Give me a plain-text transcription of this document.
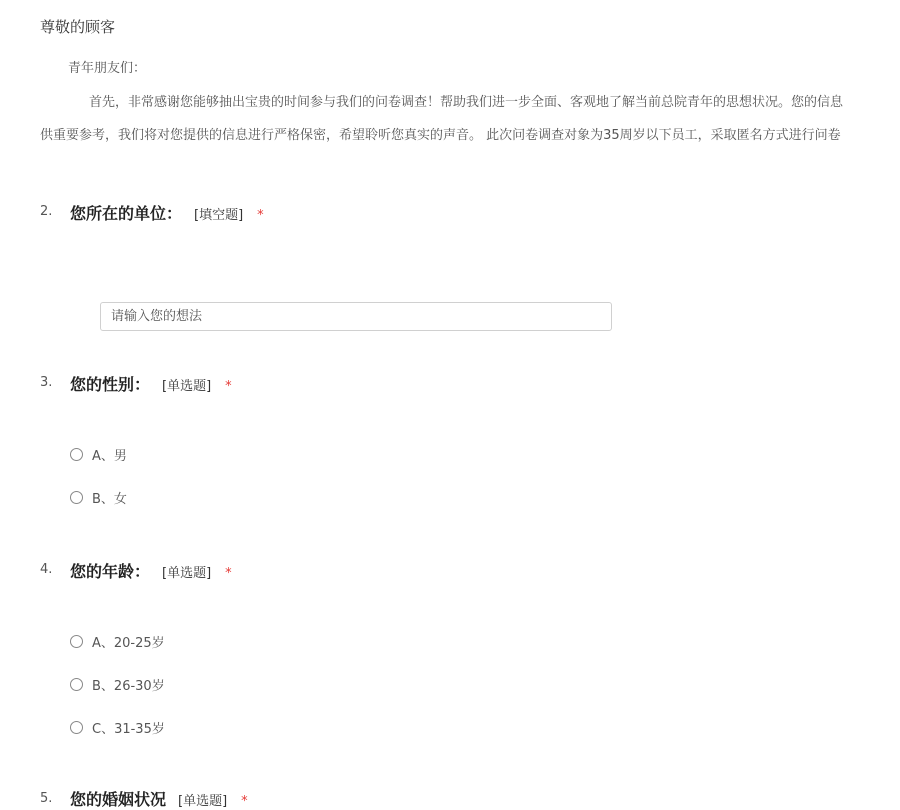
尊敬的顾客
青年朋友们：
首先，非常感谢您能够抽出宝贵的时间参与我们的问卷调查！帮助我们进一步全面、客观地了解当前总院青年的思想状况。您的信息
供重要参考，我们将对您提供的信息进行严格保密，希望聆听您真实的声音。 此次问卷调查对象为35周岁以下员工，采取匿名方式进行问卷
2. 您所在的单位： [填空题] *
请输入您的想法
3. 您的性别： [单选题] *
A、男
B、女
4. 您的年龄： [单选题] *
A、20-25岁
B、26-30岁
C、31-35岁
5. 您的婚姻状况 [单选题] *
